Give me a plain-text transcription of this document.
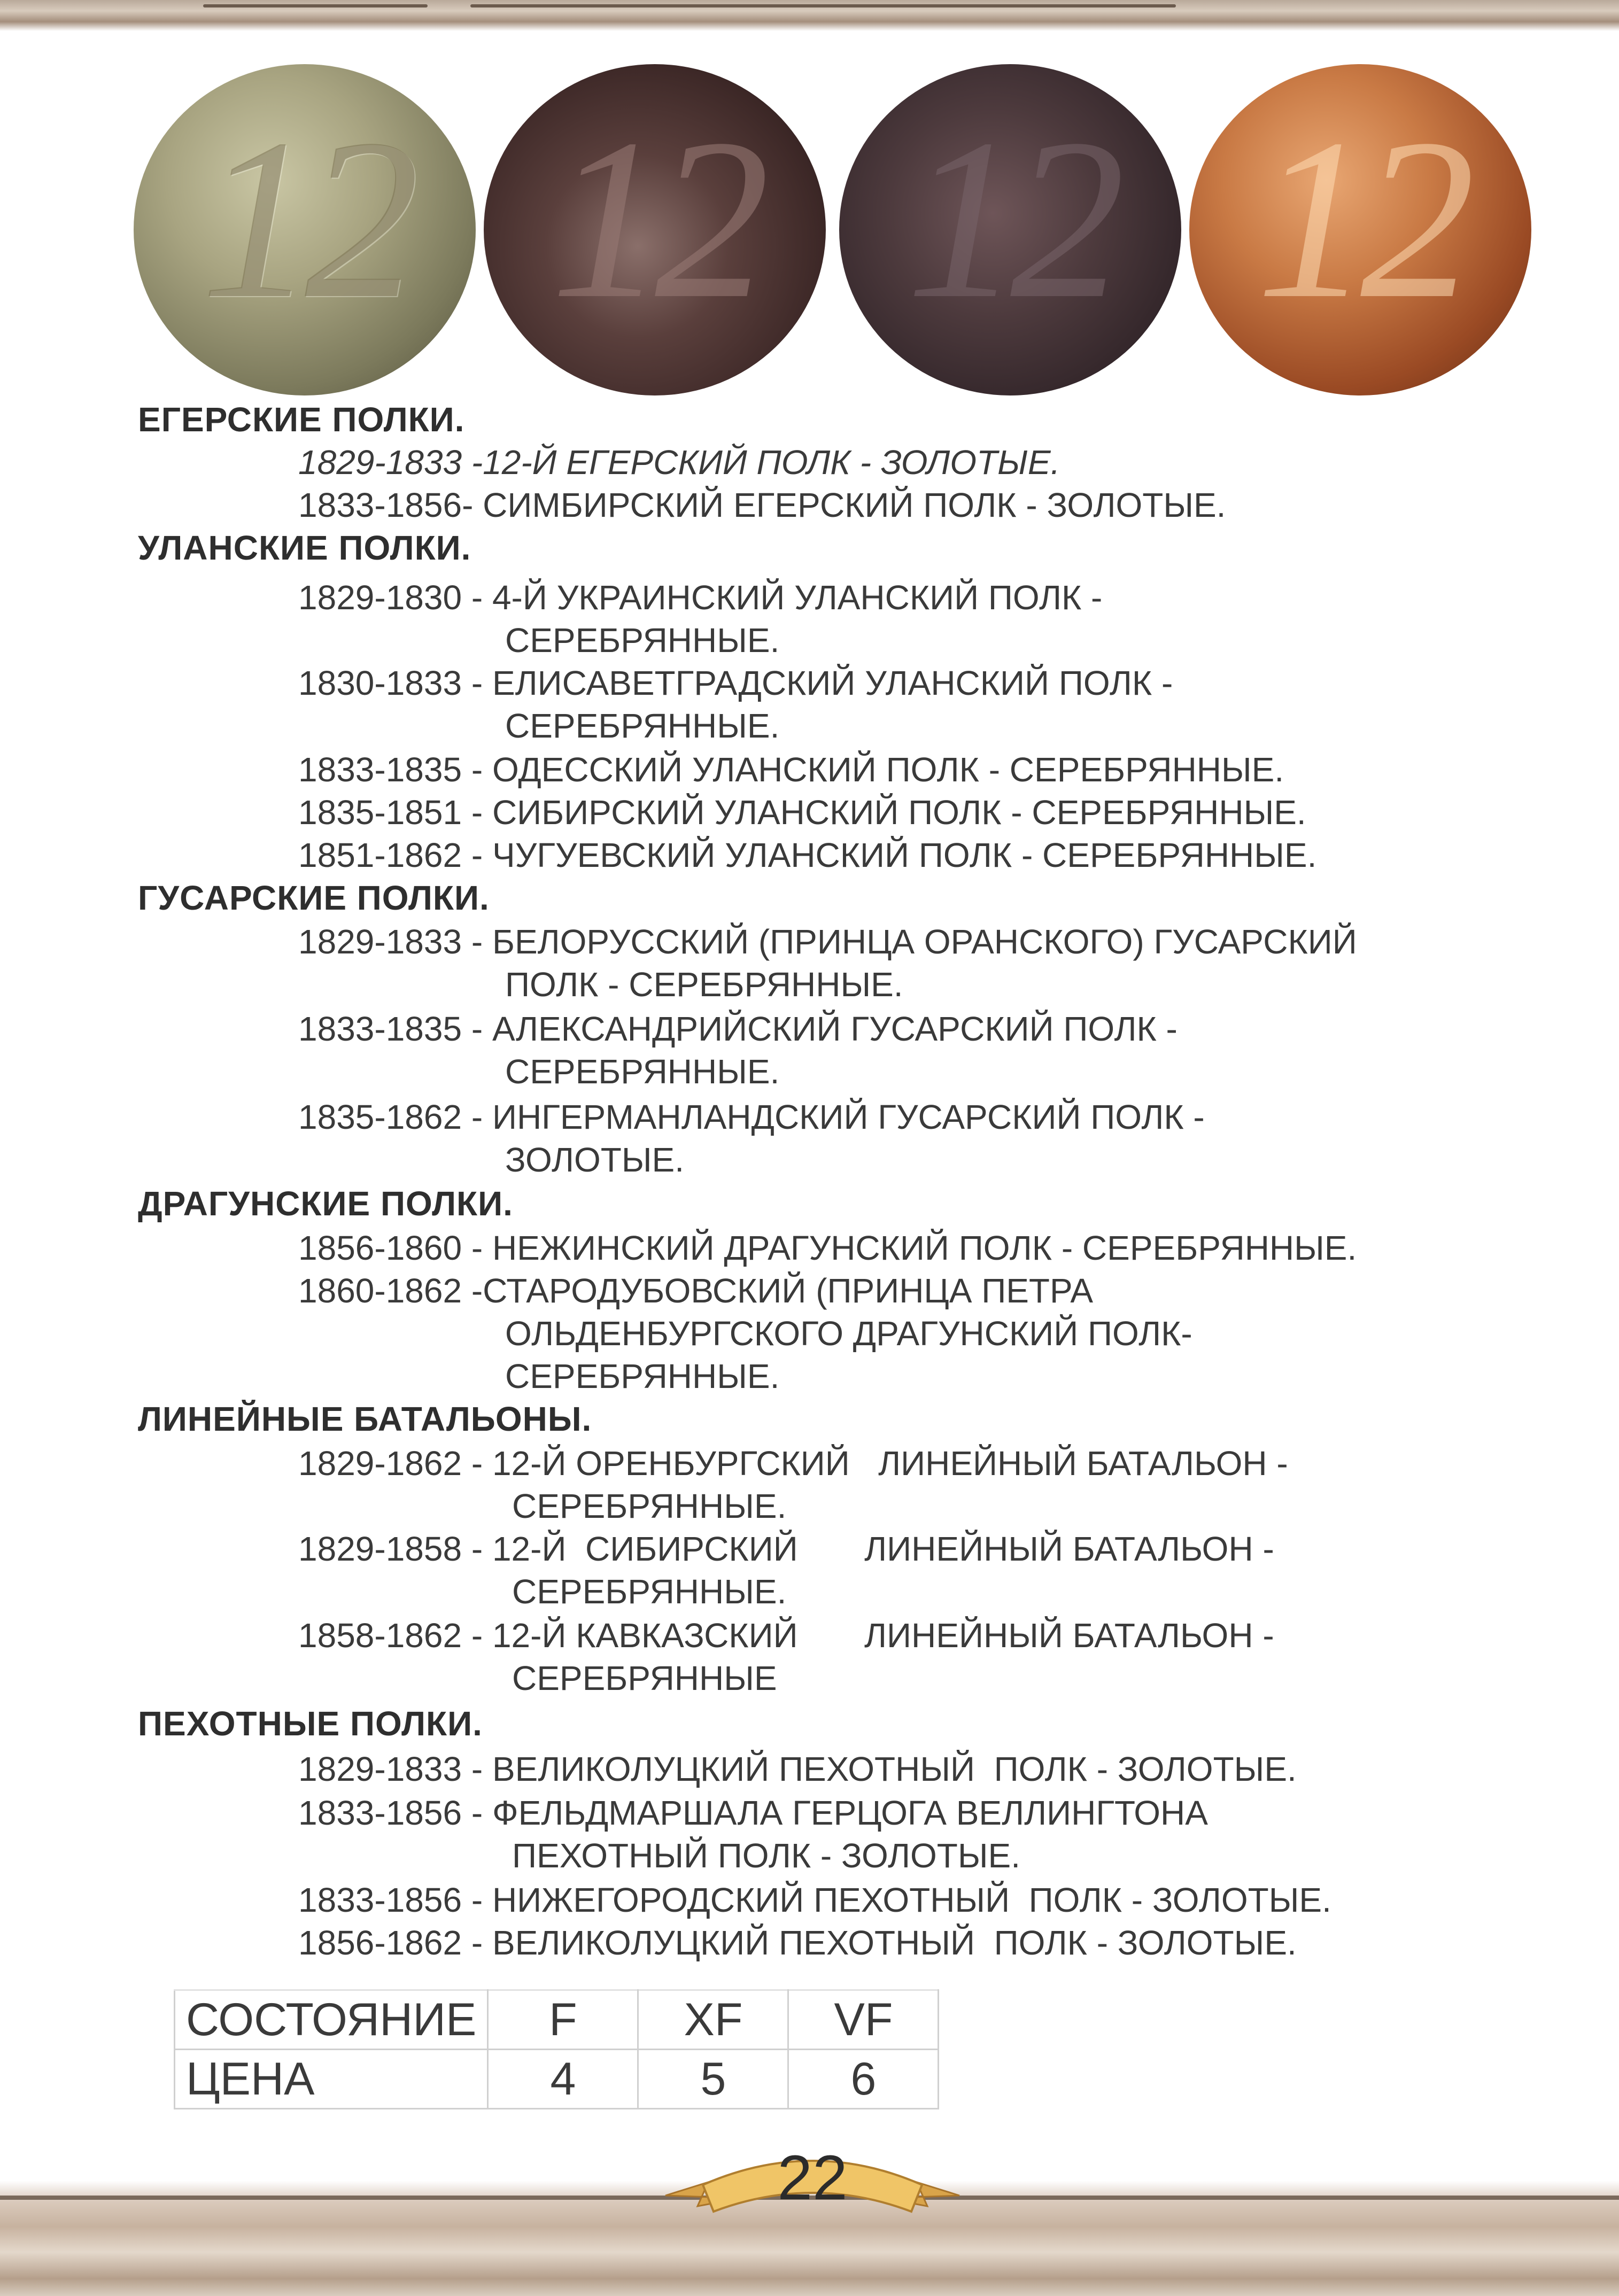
12 12 12 12
ЕГЕРСКИЕ ПОЛКИ.
1829-1833 -12-Й ЕГЕРСКИЙ ПОЛК - ЗОЛОТЫЕ.
1833-1856- СИМБИРСКИЙ ЕГЕРСКИЙ ПОЛК - ЗОЛОТЫЕ.
УЛАНСКИЕ ПОЛКИ.
1829-1830 - 4-Й УКРАИНСКИЙ УЛАНСКИЙ ПОЛК -
СЕРЕБРЯННЫЕ.
1830-1833 - ЕЛИСАВЕТГРАДСКИЙ УЛАНСКИЙ ПОЛК -
СЕРЕБРЯННЫЕ.
1833-1835 - ОДЕССКИЙ УЛАНСКИЙ ПОЛК - СЕРЕБРЯННЫЕ.
1835-1851 - СИБИРСКИЙ УЛАНСКИЙ ПОЛК - СЕРЕБРЯННЫЕ.
1851-1862 - ЧУГУЕВСКИЙ УЛАНСКИЙ ПОЛК - СЕРЕБРЯННЫЕ.
ГУСАРСКИЕ ПОЛКИ.
1829-1833 - БЕЛОРУССКИЙ (ПРИНЦА ОРАНСКОГО) ГУСАРСКИЙ
ПОЛК - СЕРЕБРЯННЫЕ.
1833-1835 - АЛЕКСАНДРИЙСКИЙ ГУСАРСКИЙ ПОЛК -
СЕРЕБРЯННЫЕ.
1835-1862 - ИНГЕРМАНЛАНДСКИЙ ГУСАРСКИЙ ПОЛК -
ЗОЛОТЫЕ.
ДРАГУНСКИЕ ПОЛКИ.
1856-1860 - НЕЖИНСКИЙ ДРАГУНСКИЙ ПОЛК - СЕРЕБРЯННЫЕ.
1860-1862 -СТАРОДУБОВСКИЙ (ПРИНЦА ПЕТРА
ОЛЬДЕНБУРГСКОГО ДРАГУНСКИЙ ПОЛК-
СЕРЕБРЯННЫЕ.
ЛИНЕЙНЫЕ БАТАЛЬОНЫ.
1829-1862 - 12-Й ОРЕНБУРГСКИЙ   ЛИНЕЙНЫЙ БАТАЛЬОН -
СЕРЕБРЯННЫЕ.
1829-1858 - 12-Й  СИБИРСКИЙ       ЛИНЕЙНЫЙ БАТАЛЬОН -
СЕРЕБРЯННЫЕ.
1858-1862 - 12-Й КАВКАЗСКИЙ       ЛИНЕЙНЫЙ БАТАЛЬОН -
СЕРЕБРЯННЫЕ
ПЕХОТНЫЕ ПОЛКИ.
1829-1833 - ВЕЛИКОЛУЦКИЙ ПЕХОТНЫЙ  ПОЛК - ЗОЛОТЫЕ.
1833-1856 - ФЕЛЬДМАРШАЛА ГЕРЦОГА ВЕЛЛИНГТОНА
ПЕХОТНЫЙ ПОЛК - ЗОЛОТЫЕ.
1833-1856 - НИЖЕГОРОДСКИЙ ПЕХОТНЫЙ  ПОЛК - ЗОЛОТЫЕ.
1856-1862 - ВЕЛИКОЛУЦКИЙ ПЕХОТНЫЙ  ПОЛК - ЗОЛОТЫЕ.
СОСТОЯНИЕ	F	XF	VF
ЦЕНА	4	5	6
22
